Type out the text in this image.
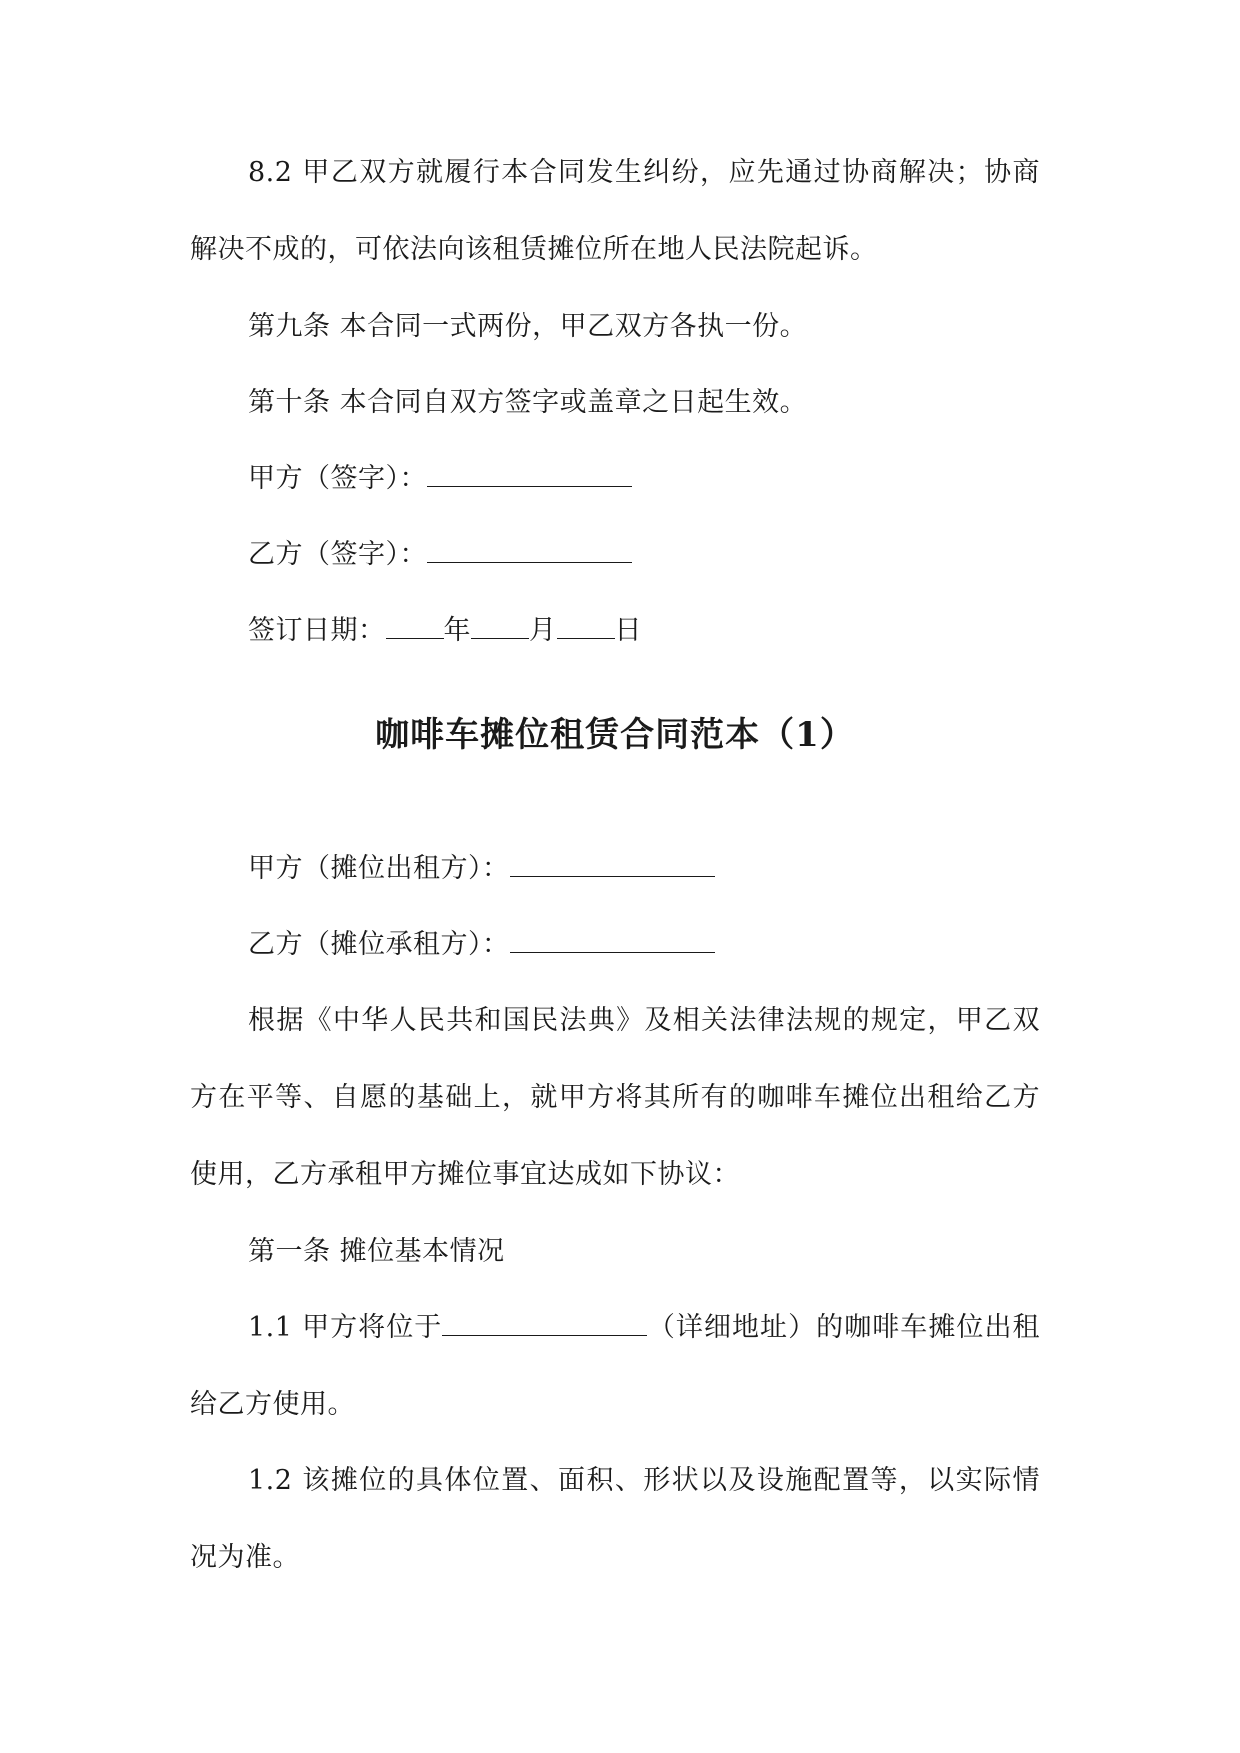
8.2 甲乙双方就履行本合同发生纠纷，应先通过协商解决；协商解决不成的，可依法向该租赁摊位所在地人民法院起诉。

第九条 本合同一式两份，甲乙双方各执一份。

第十条 本合同自双方签字或盖章之日起生效。

甲方（签字）：

乙方（签字）：

签订日期： 年 月 日

咖啡车摊位租赁合同范本（1）

甲方（摊位出租方）：

乙方（摊位承租方）：

根据《中华人民共和国民法典》及相关法律法规的规定，甲乙双方在平等、自愿的基础上，就甲方将其所有的咖啡车摊位出租给乙方使用，乙方承租甲方摊位事宜达成如下协议：

第一条 摊位基本情况

1.1 甲方将位于	（详细地址）的咖啡车摊位出租给乙方使用。

1.2 该摊位的具体位置、面积、形状以及设施配置等，以实际情况为准。
